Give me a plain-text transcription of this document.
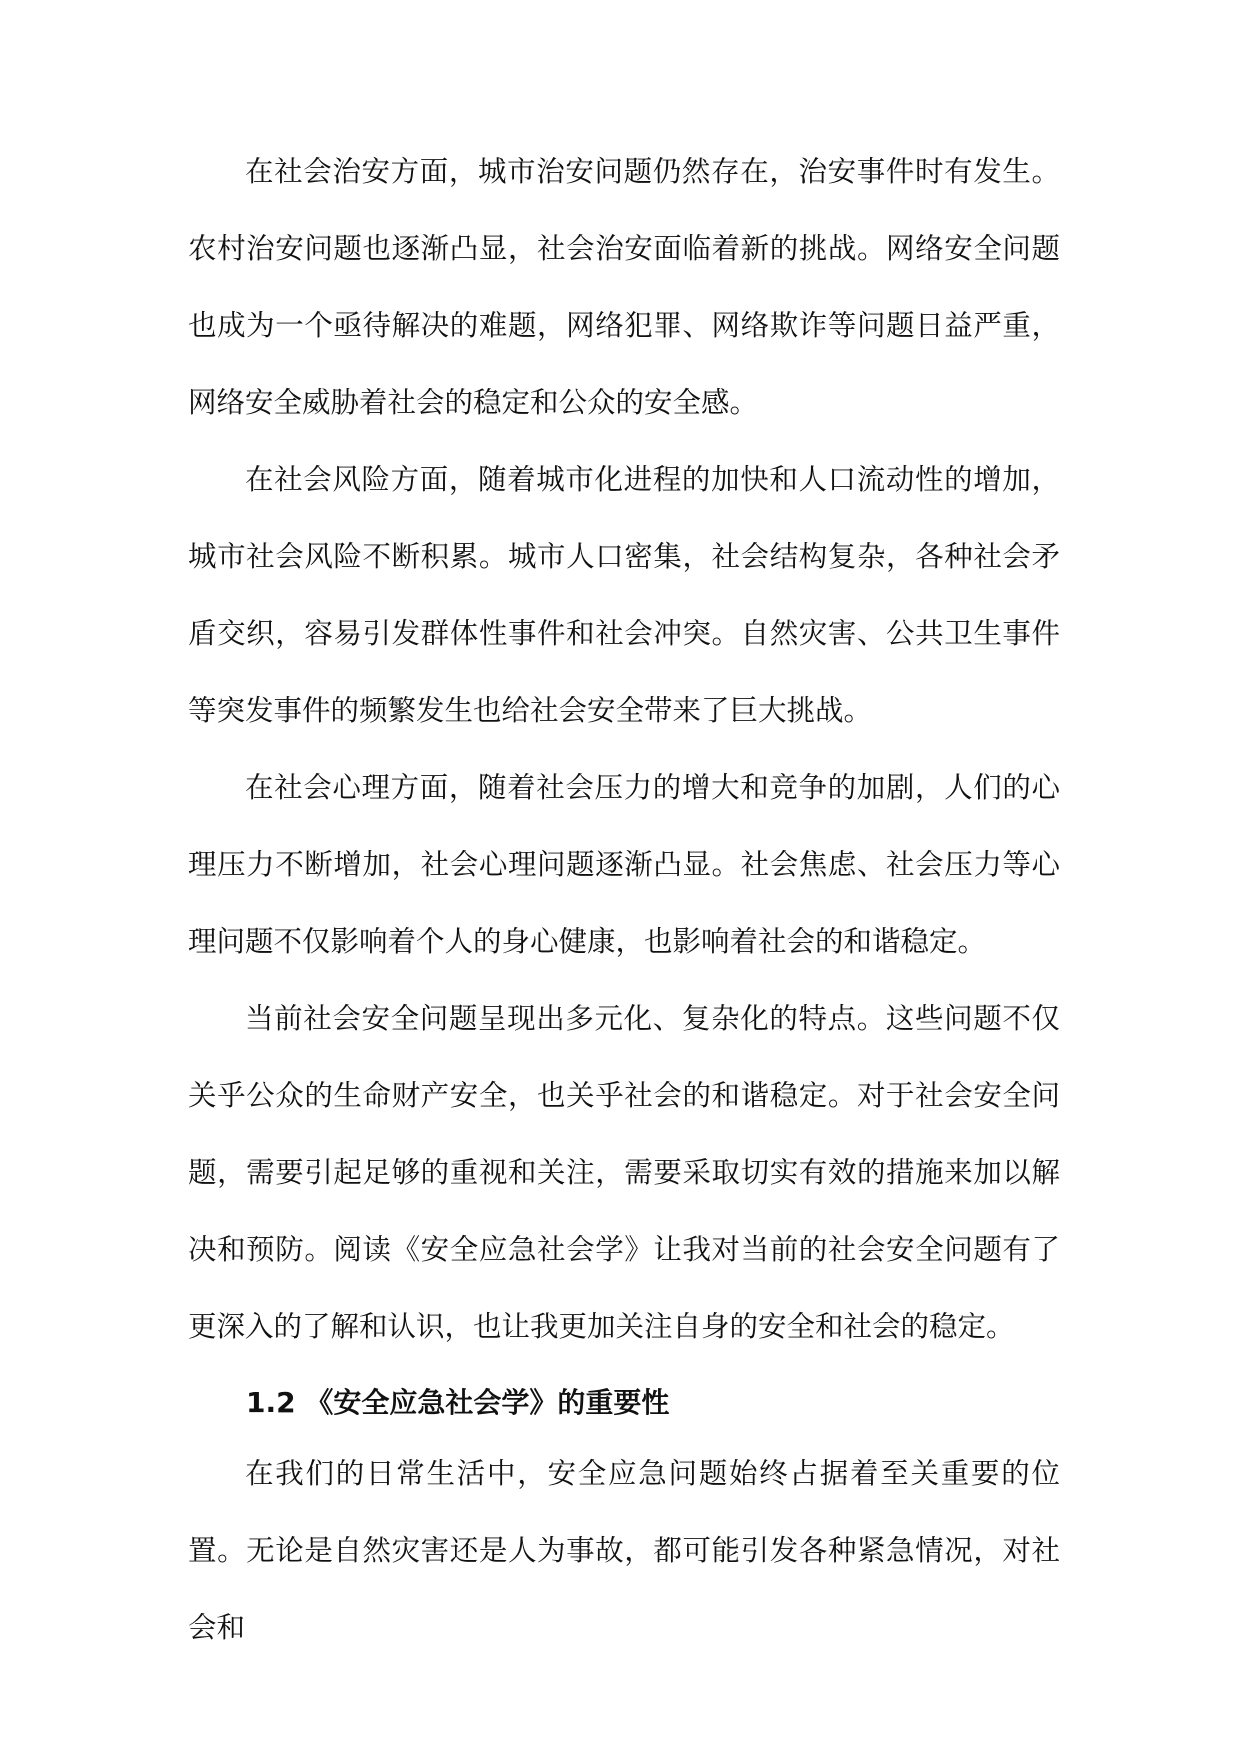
在社会治安方面，城市治安问题仍然存在，治安事件时有发生。农村治安问题也逐渐凸显，社会治安面临着新的挑战。网络安全问题也成为一个亟待解决的难题，网络犯罪、网络欺诈等问题日益严重，网络安全威胁着社会的稳定和公众的安全感。

在社会风险方面，随着城市化进程的加快和人口流动性的增加，城市社会风险不断积累。城市人口密集，社会结构复杂，各种社会矛盾交织，容易引发群体性事件和社会冲突。自然灾害、公共卫生事件等突发事件的频繁发生也给社会安全带来了巨大挑战。

在社会心理方面，随着社会压力的增大和竞争的加剧，人们的心理压力不断增加，社会心理问题逐渐凸显。社会焦虑、社会压力等心理问题不仅影响着个人的身心健康，也影响着社会的和谐稳定。

当前社会安全问题呈现出多元化、复杂化的特点。这些问题不仅关乎公众的生命财产安全，也关乎社会的和谐稳定。对于社会安全问题，需要引起足够的重视和关注，需要采取切实有效的措施来加以解决和预防。阅读《安全应急社会学》让我对当前的社会安全问题有了更深入的了解和认识，也让我更加关注自身的安全和社会的稳定。

1.2 《安全应急社会学》的重要性

在我们的日常生活中，安全应急问题始终占据着至关重要的位置。无论是自然灾害还是人为事故，都可能引发各种紧急情况，对社会和
